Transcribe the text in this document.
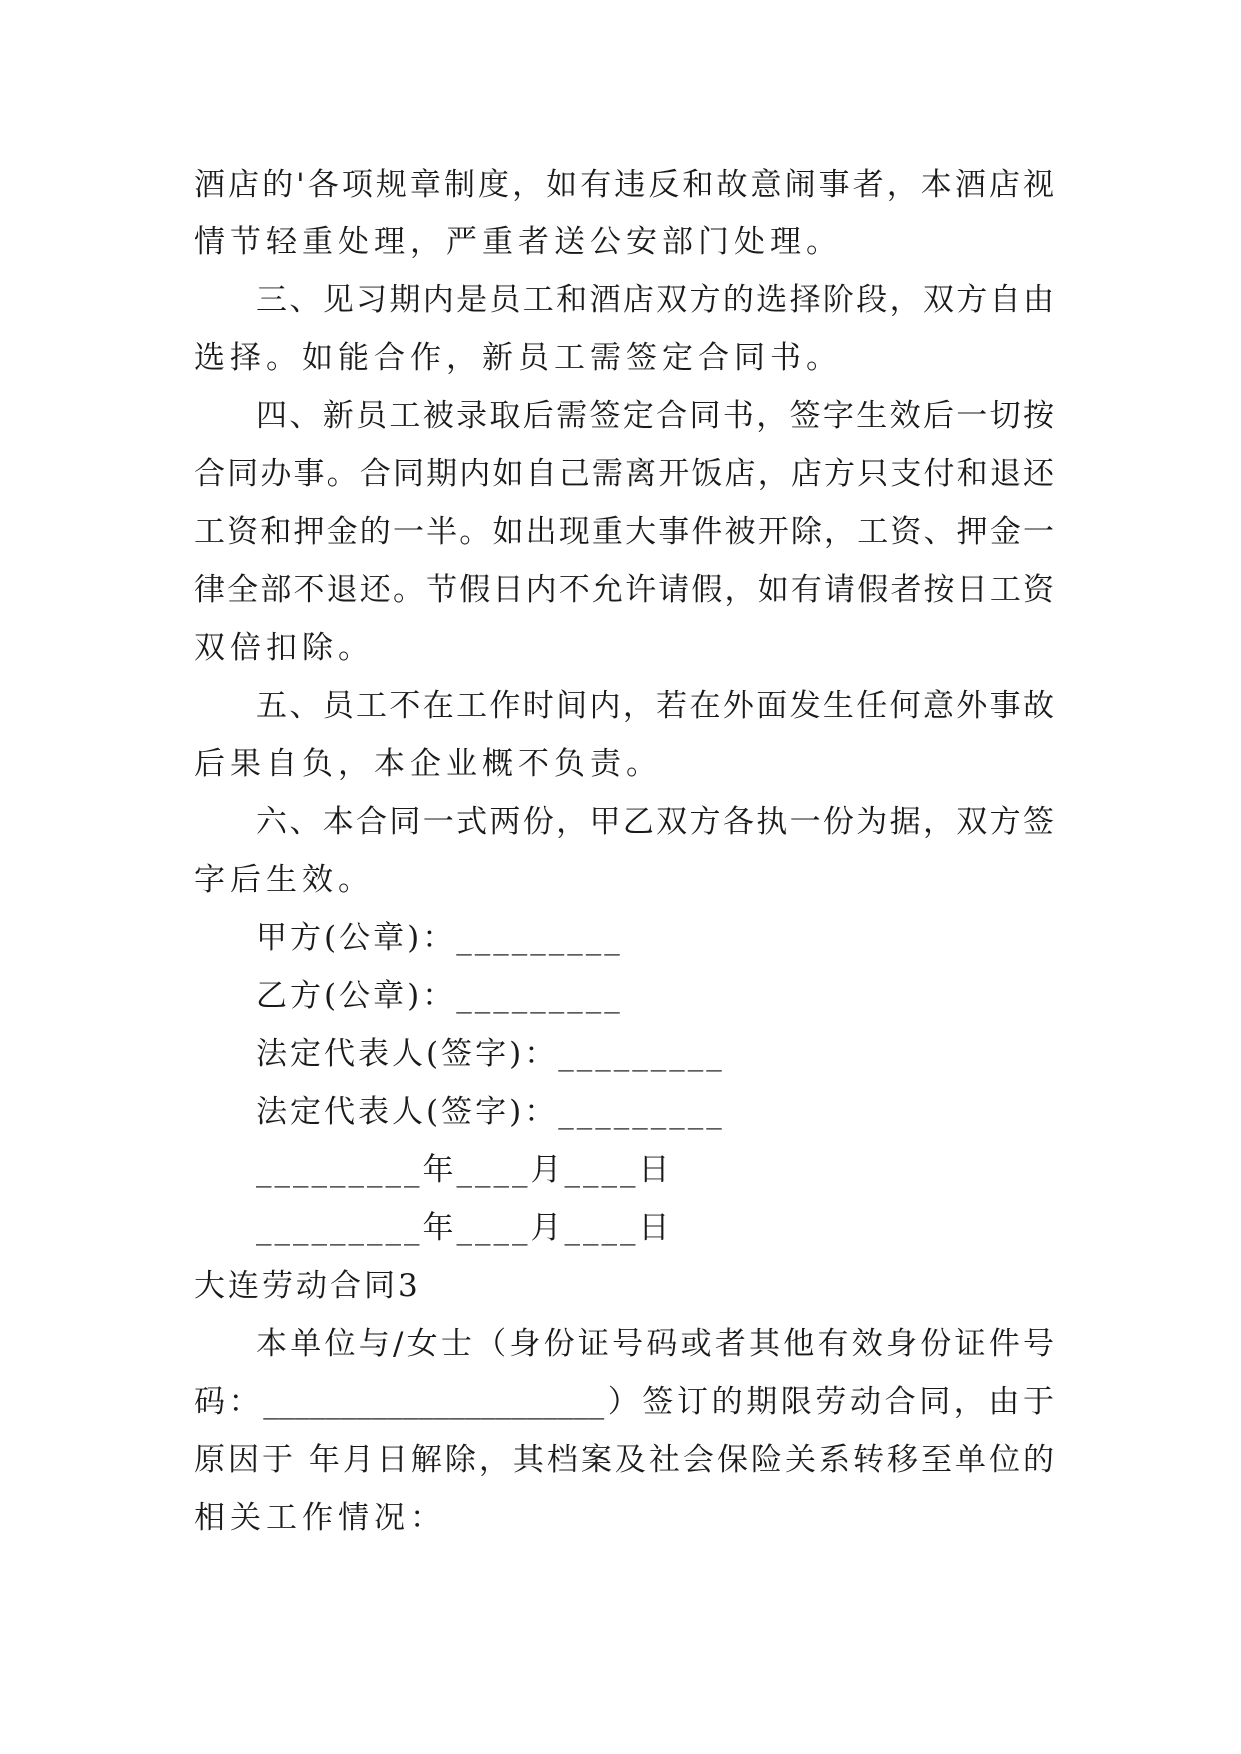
酒店的'各项规章制度，如有违反和故意闹事者，本酒店视
情节轻重处理，严重者送公安部门处理。
三、见习期内是员工和酒店双方的选择阶段，双方自由
选择。如能合作，新员工需签定合同书。
四、新员工被录取后需签定合同书，签字生效后一切按
合同办事。合同期内如自己需离开饭店，店方只支付和退还
工资和押金的一半。如出现重大事件被开除，工资、押金一
律全部不退还。节假日内不允许请假，如有请假者按日工资
双倍扣除。
五、员工不在工作时间内，若在外面发生任何意外事故
后果自负，本企业概不负责。
六、本合同一式两份，甲乙双方各执一份为据，双方签
字后生效。
甲方(公章)：_________
乙方(公章)：_________
法定代表人(签字)：_________
法定代表人(签字)：_________
_________年____月____日
_________年____月____日
大连劳动合同3
本单位与/女士（身份证号码或者其他有效身份证件号
码：______________________）签订的期限劳动合同，由于
原因于 年月日解除，其档案及社会保险关系转移至单位的
相关工作情况：
